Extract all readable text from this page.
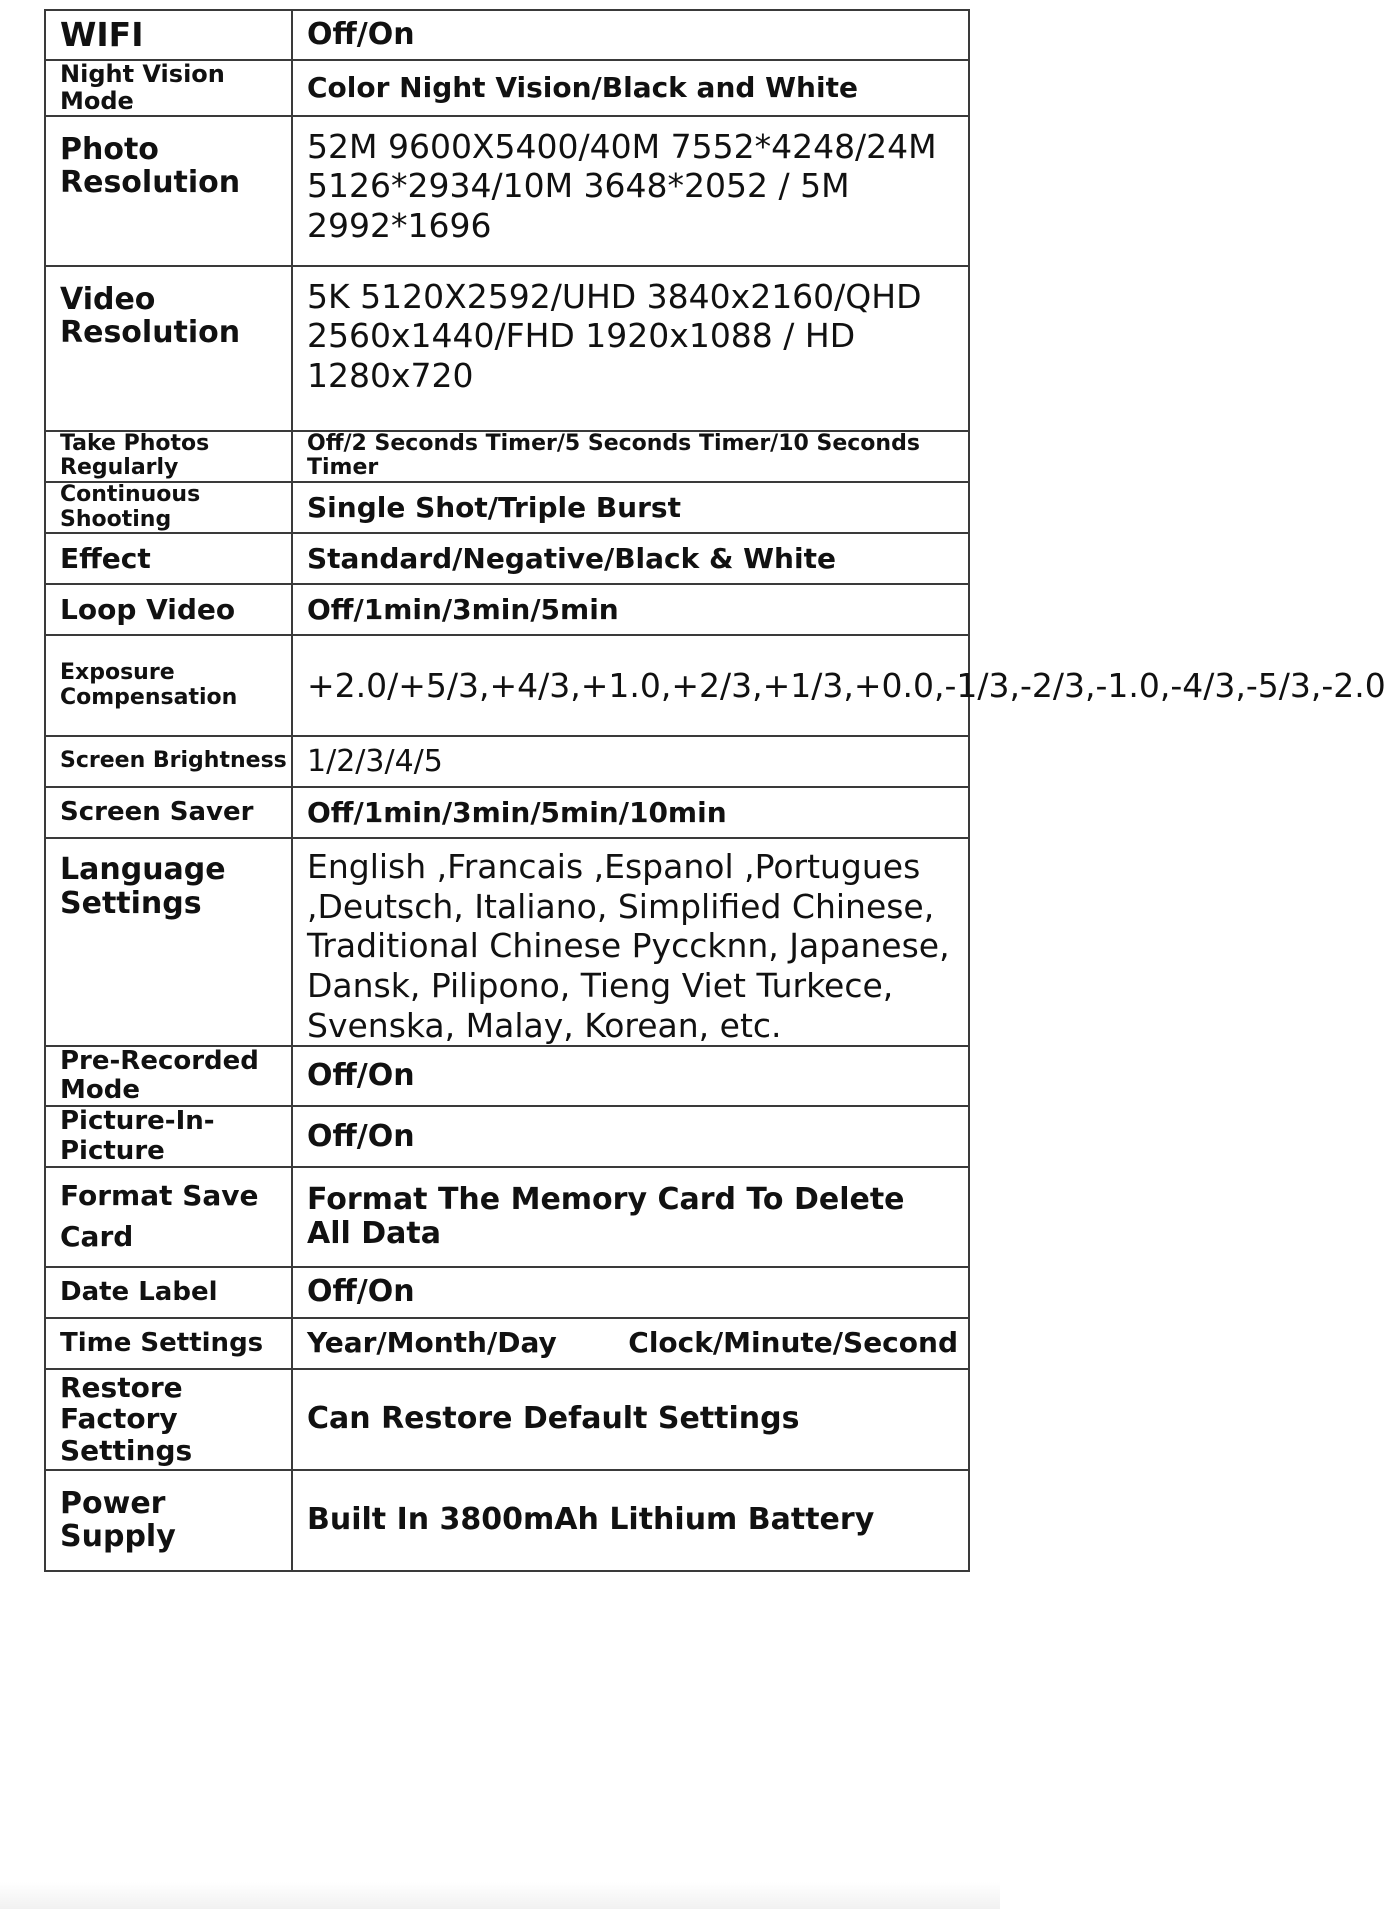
WIFI	Off/On
Night Vision Mode	Color Night Vision/Black and White
Photo Resolution	52M 9600X5400/40M 7552*4248/24M 5126*2934/10M 3648*2052 / 5M 2992*1696
Video Resolution	5K 5120X2592/UHD 3840x2160/QHD 2560x1440/FHD 1920x1088 / HD 1280x720
Take Photos Regularly	Off/2 Seconds Timer/5 Seconds Timer/10 Seconds Timer
Continuous Shooting	Single Shot/Triple Burst
Effect	Standard/Negative/Black & White
Loop Video	Off/1min/3min/5min
Exposure Compensation	+2.0/+5/3,+4/3,+1.0,+2/3,+1/3,+0.0,-1/3,-2/3,-1.0,-4/3,-5/3,-2.0
Screen Brightness	1/2/3/4/5
Screen Saver	Off/1min/3min/5min/10min
Language Settings	English ,Francais ,Espanol ,Portugues ,Deutsch, Italiano, Simplified Chinese, Traditional Chinese Pyccknn, Japanese, Dansk, Pilipono, Tieng Viet Turkece, Svenska, Malay, Korean, etc.
Pre-Recorded Mode	Off/On
Picture-In-Picture	Off/On
Format Save Card	Format The Memory Card To Delete All Data
Date Label	Off/On
Time Settings	Year/Month/Day Clock/Minute/Second

Restore Factory Settings	Can Restore Default Settings
Power Supply	Built In 3800mAh Lithium Battery
